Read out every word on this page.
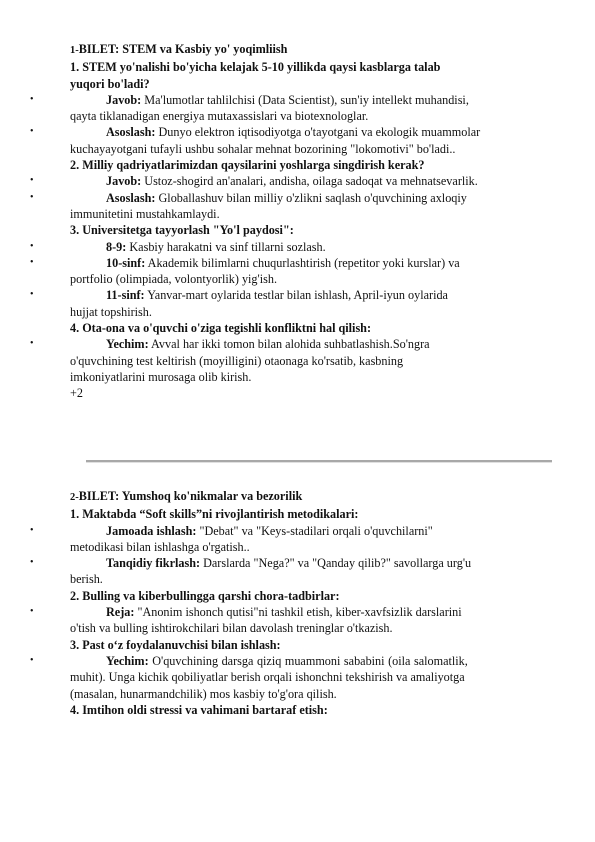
1-BILET: STEM va Kasbiy yo' yoqimliish
1. STEM yo'nalishi bo'yicha kelajak 5-10 yillikda qaysi kasblarga talab
yuqori bo'ladi?
•	Javob: Ma'lumotlar tahlilchisi (Data Scientist), sun'iy intellekt muhandisi,
qayta tiklanadigan energiya mutaxassislari va biotexnologlar.
•	Asoslash: Dunyo elektron iqtisodiyotga o'tayotgani va ekologik muammolar
kuchayayotgani tufayli ushbu sohalar mehnat bozorining "lokomotivi" bo'ladi..
2. Milliy qadriyatlarimizdan qaysilarini yoshlarga singdirish kerak?
•	Javob: Ustoz-shogird an'analari, andisha, oilaga sadoqat va mehnatsevarlik.
•	Asoslash: Globallashuv bilan milliy o'zlikni saqlash o'quvchining axloqiy
immunitetini mustahkamlaydi.
3. Universitetga tayyorlash "Yo'l paydosi":
•	8-9: Kasbiy harakatni va sinf tillarni sozlash.
•	10-sinf: Akademik bilimlarni chuqurlashtirish (repetitor yoki kurslar) va
portfolio (olimpiada, volontyorlik) yig'ish.
•	11-sinf: Yanvar-mart oylarida testlar bilan ishlash, April-iyun oylarida
hujjat topshirish.
4. Ota-ona va o'quvchi o'ziga tegishli konfliktni hal qilish:
•	Yechim: Avval har ikki tomon bilan alohida suhbatlashish.So'ngra
o'quvchining test keltirish (moyilligini) otaonaga ko'rsatib, kasbning
imkoniyatlarini murosaga olib kirish.
+2
2-BILET: Yumshoq ko'nikmalar va bezorilik
1. Maktabda “Soft skills”ni rivojlantirish metodikalari:
•	Jamoada ishlash: "Debat" va "Keys-stadilari orqali o'quvchilarni"
metodikasi bilan ishlashga o'rgatish..
•	Tanqidiy fikrlash: Darslarda "Nega?" va "Qanday qilib?" savollarga urg'u
berish.
2. Bulling va kiberbullingga qarshi chora-tadbirlar:
•	Reja: "Anonim ishonch qutisi"ni tashkil etish, kiber-xavfsizlik darslarini
o'tish va bulling ishtirokchilari bilan davolash treninglar o'tkazish.
3. Past o‘z foydalanuvchisi bilan ishlash:
•	Yechim: O'quvchining darsga qiziq muammoni sababini (oila salomatlik,
muhit). Unga kichik qobiliyatlar berish orqali ishonchni tekshirish va amaliyotga
(masalan, hunarmandchilik) mos kasbiy to'g'ora qilish.
4. Imtihon oldi stressi va vahimani bartaraf etish:
